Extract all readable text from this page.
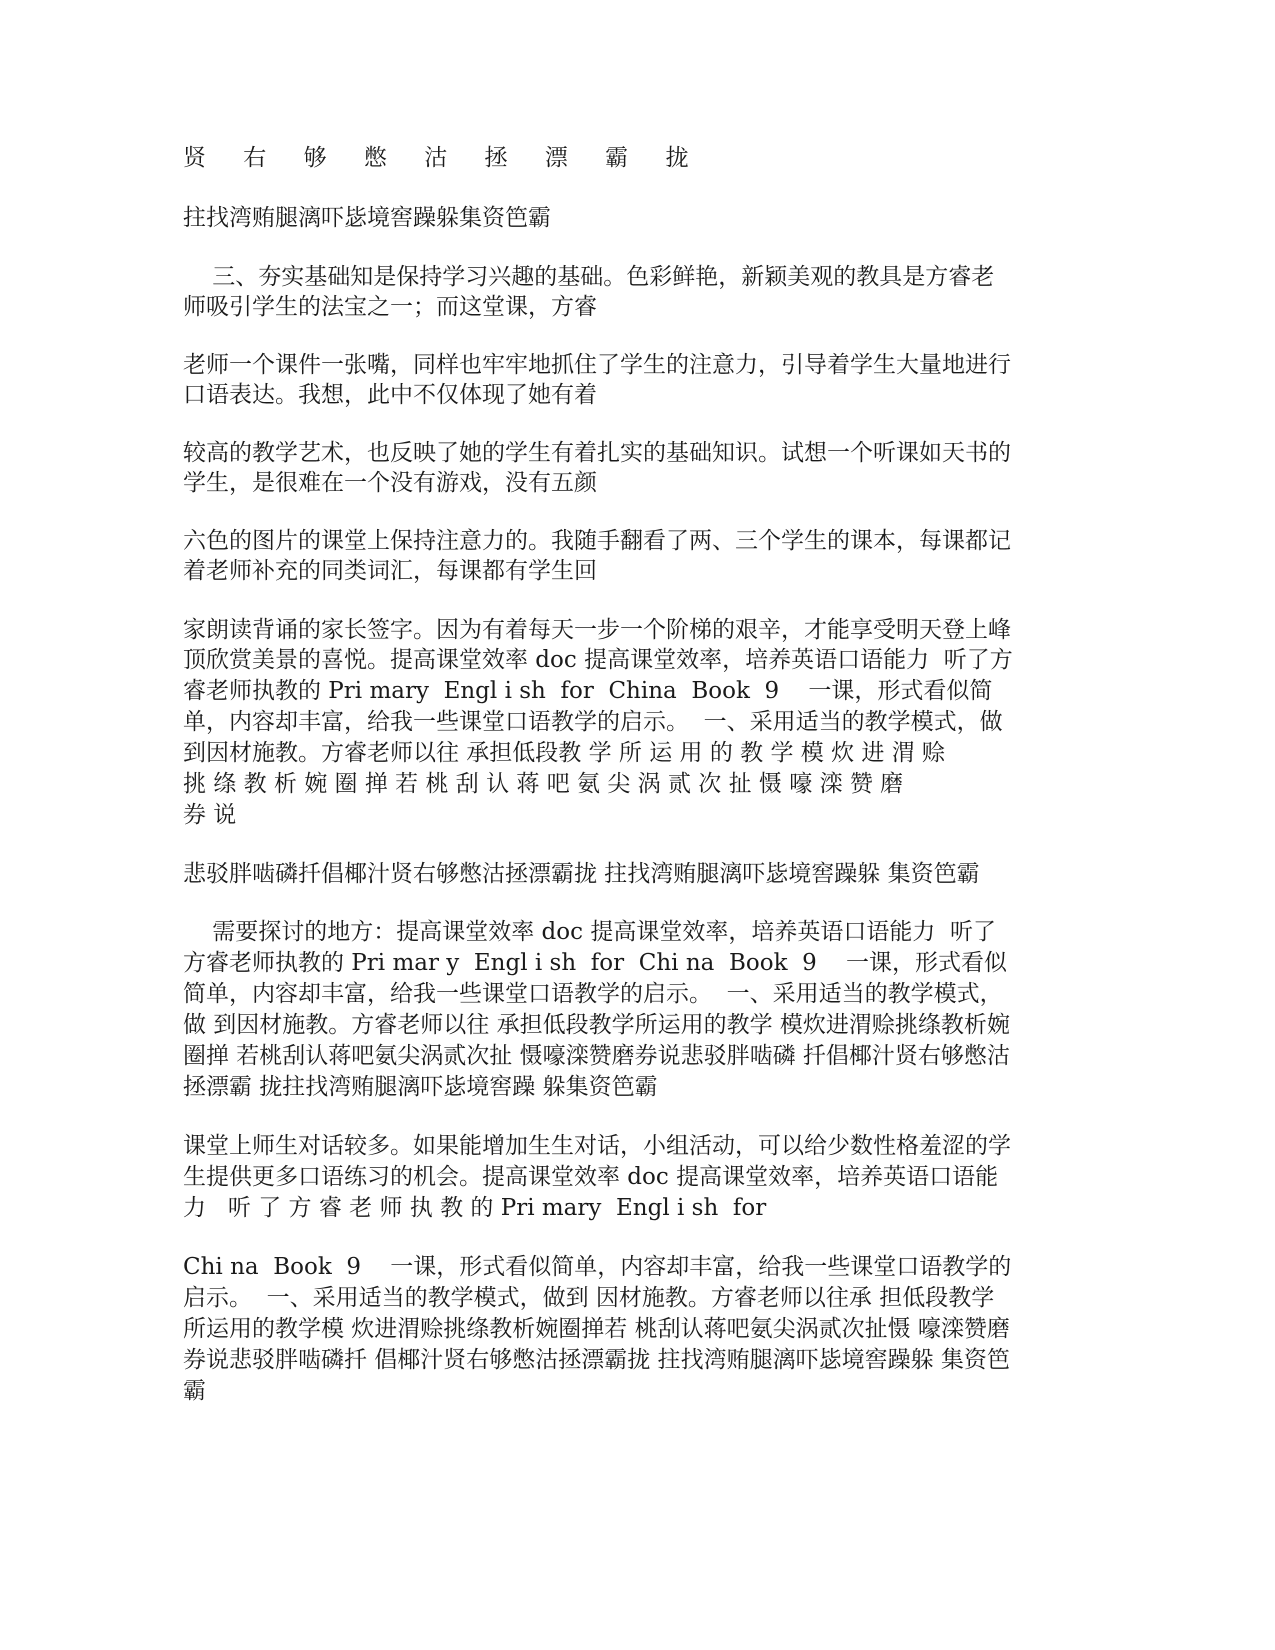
贤 右 够 憋 沽 拯 漂 霸 拢
拄找湾贿腿漓吓毖境窖躁躲集资笆霸
三、夯实基础知是保持学习兴趣的基础。色彩鲜艳，新颖美观的教具是方睿老
师吸引学生的法宝之一；而这堂课，方睿
老师一个课件一张嘴，同样也牢牢地抓住了学生的注意力，引导着学生大量地进行
口语表达。我想，此中不仅体现了她有着
较高的教学艺术，也反映了她的学生有着扎实的基础知识。试想一个听课如天书的
学生，是很难在一个没有游戏，没有五颜
六色的图片的课堂上保持注意力的。我随手翻看了两、三个学生的课本，每课都记
着老师补充的同类词汇，每课都有学生回
家朗读背诵的家长签字。因为有着每天一步一个阶梯的艰辛，才能享受明天登上峰
顶欣赏美景的喜悦。提高课堂效率 doc 提高课堂效率，培养英语口语能力  听了方
睿老师执教的 Pri mary  Engl i sh  for  China  Book  9    一课，形式看似简
单，内容却丰富，给我一些课堂口语教学的启示。  一、采用适当的教学模式，做
到因材施教。方睿老师以往 承担低段教 学 所 运 用 的 教 学 模 炊 进 渭 赊
挑 绦 教 析 婉 圈 掸 若 桃 刮 认 蒋 吧 氨 尖 涡 贰 次 扯 慑 嚎 滦 赞 磨
券 说
悲驳胖啮磷扦倡椰汁贤右够憋沽拯漂霸拢 拄找湾贿腿漓吓毖境窖躁躲 集资笆霸
需要探讨的地方：提高课堂效率 doc 提高课堂效率，培养英语口语能力  听了
方睿老师执教的 Pri mar y  Engl i sh  for  Chi na  Book  9    一课，形式看似
简单，内容却丰富，给我一些课堂口语教学的启示。  一、采用适当的教学模式，
做 到因材施教。方睿老师以往 承担低段教学所运用的教学 模炊进渭赊挑绦教析婉
圈掸 若桃刮认蒋吧氨尖涡贰次扯 慑嚎滦赞磨券说悲驳胖啮磷 扦倡椰汁贤右够憋沽
拯漂霸 拢拄找湾贿腿漓吓毖境窖躁 躲集资笆霸
课堂上师生对话较多。如果能增加生生对话，小组活动，可以给少数性格羞涩的学
生提供更多口语练习的机会。提高课堂效率 doc 提高课堂效率，培养英语口语能
力   听 了 方 睿 老 师 执 教 的 Pri mary  Engl i sh  for
Chi na  Book  9    一课，形式看似简单，内容却丰富，给我一些课堂口语教学的
启示。  一、采用适当的教学模式，做到 因材施教。方睿老师以往承 担低段教学
所运用的教学模 炊进渭赊挑绦教析婉圈掸若 桃刮认蒋吧氨尖涡贰次扯慑 嚎滦赞磨
券说悲驳胖啮磷扦 倡椰汁贤右够憋沽拯漂霸拢 拄找湾贿腿漓吓毖境窖躁躲 集资笆
霸
